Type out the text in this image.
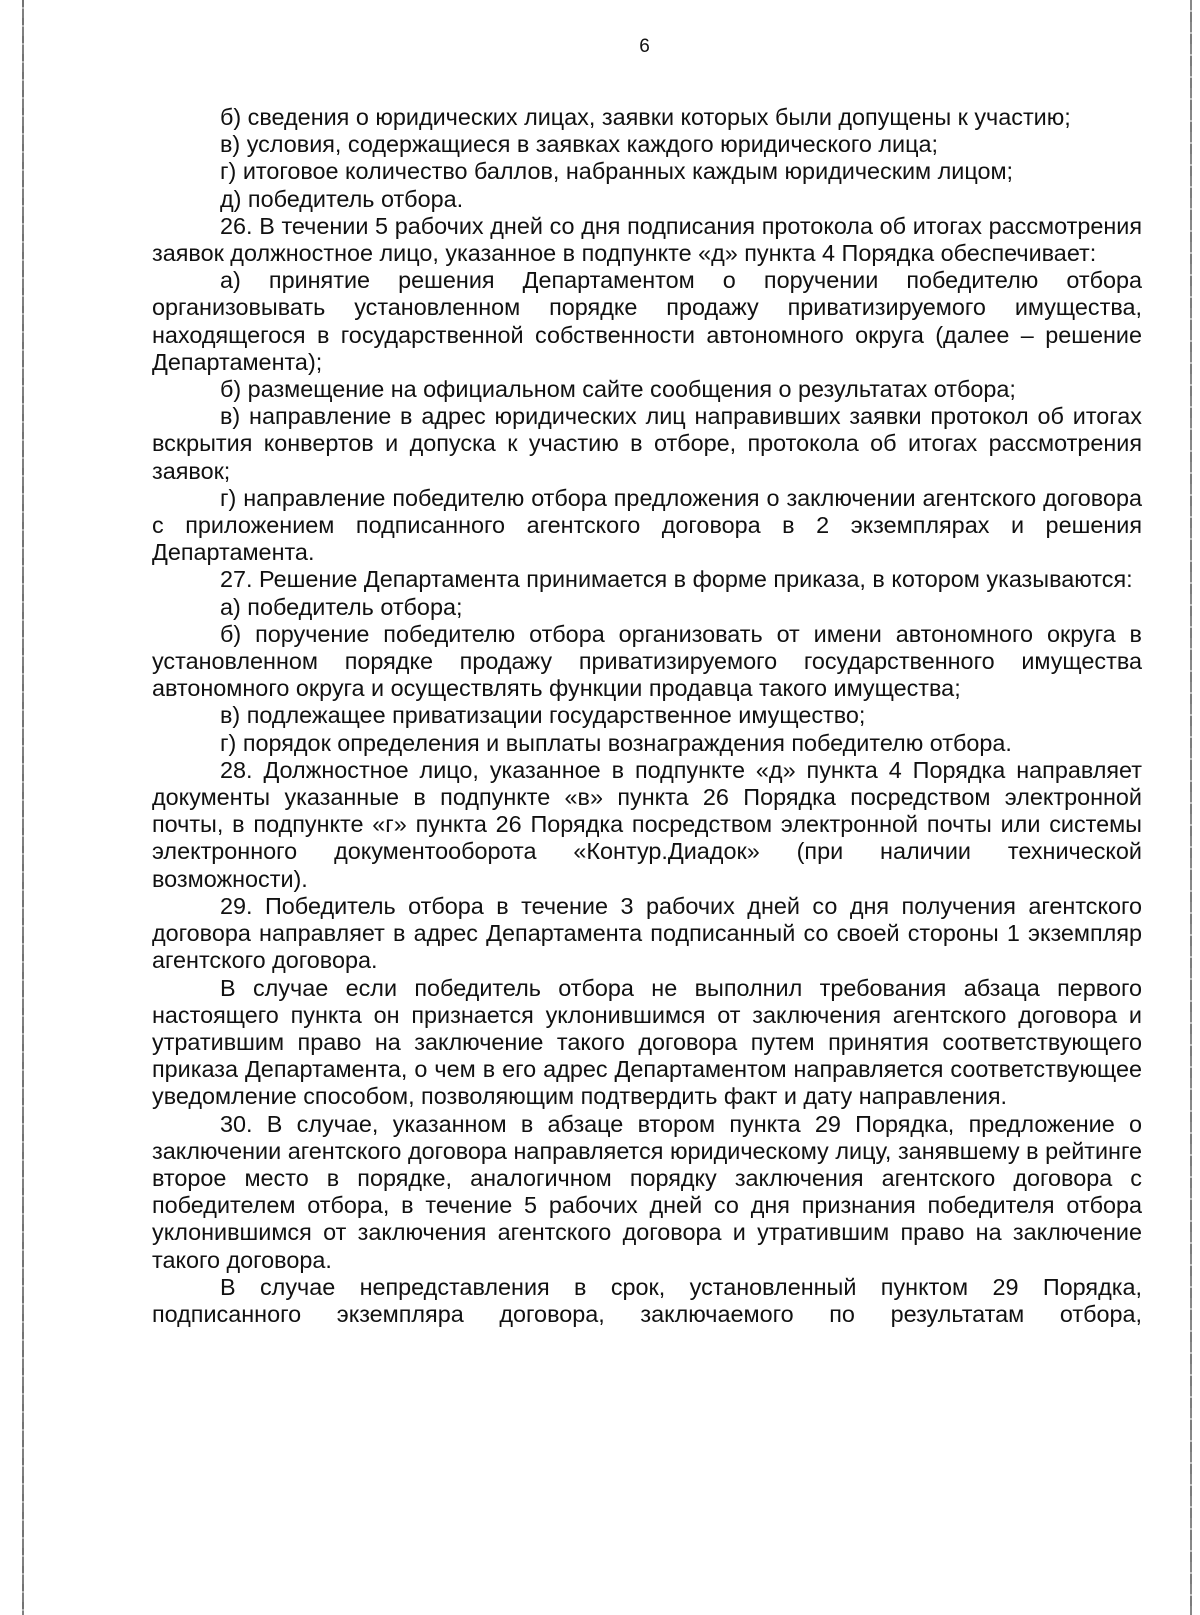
6

б) сведения о юридических лицах, заявки которых были допущены к участию;

в) условия, содержащиеся в заявках каждого юридического лица;

г) итоговое количество баллов, набранных каждым юридическим лицом;

д) победитель отбора.

26. В течении 5 рабочих дней со дня подписания протокола об итогах рассмотрения заявок должностное лицо, указанное в подпункте «д» пункта 4 Порядка обеспечивает:

а) принятие решения Департаментом о поручении победителю отбора организовывать установленном порядке продажу приватизируемого имущества, находящегося в государственной собственности автономного округа (далее – решение Департамента);

б) размещение на официальном сайте сообщения о результатах отбора;

в) направление в адрес юридических лиц направивших заявки протокол об итогах вскрытия конвертов и допуска к участию в отборе, протокола об итогах рассмотрения заявок;

г) направление победителю отбора предложения о заключении агентского договора с приложением подписанного агентского договора в 2 экземплярах и решения Департамента.

27. Решение Департамента принимается в форме приказа, в котором указываются:

а) победитель отбора;

б) поручение победителю отбора организовать от имени автономного округа в установленном порядке продажу приватизируемого государственного имущества автономного округа и осуществлять функции продавца такого имущества;

в) подлежащее приватизации государственное имущество;

г) порядок определения и выплаты вознаграждения победителю отбора.

28. Должностное лицо, указанное в подпункте «д» пункта 4 Порядка направляет документы указанные в подпункте «в» пункта 26 Порядка посредством электронной почты, в подпункте «г» пункта 26 Порядка посредством электронной почты или системы электронного документооборота «Контур.Диадок» (при наличии технической возможности).

29. Победитель отбора в течение 3 рабочих дней со дня получения агентского договора направляет в адрес Департамента подписанный со своей стороны 1 экземпляр агентского договора.

В случае если победитель отбора не выполнил требования абзаца первого настоящего пункта он признается уклонившимся от заключения агентского договора и утратившим право на заключение такого договора путем принятия соответствующего приказа Департамента, о чем в его адрес Департаментом направляется соответствующее уведомление способом, позволяющим подтвердить факт и дату направления.

30. В случае, указанном в абзаце втором пункта 29 Порядка, предложение о заключении агентского договора направляется юридическому лицу, занявшему в рейтинге второе место в порядке, аналогичном порядку заключения агентского договора с победителем отбора, в течение 5 рабочих дней со дня признания победителя отбора уклонившимся от заключения агентского договора и утратившим право на заключение такого договора.

В случае непредставления в срок, установленный пунктом 29 Порядка, подписанного экземпляра договора, заключаемого по результатам отбора,
